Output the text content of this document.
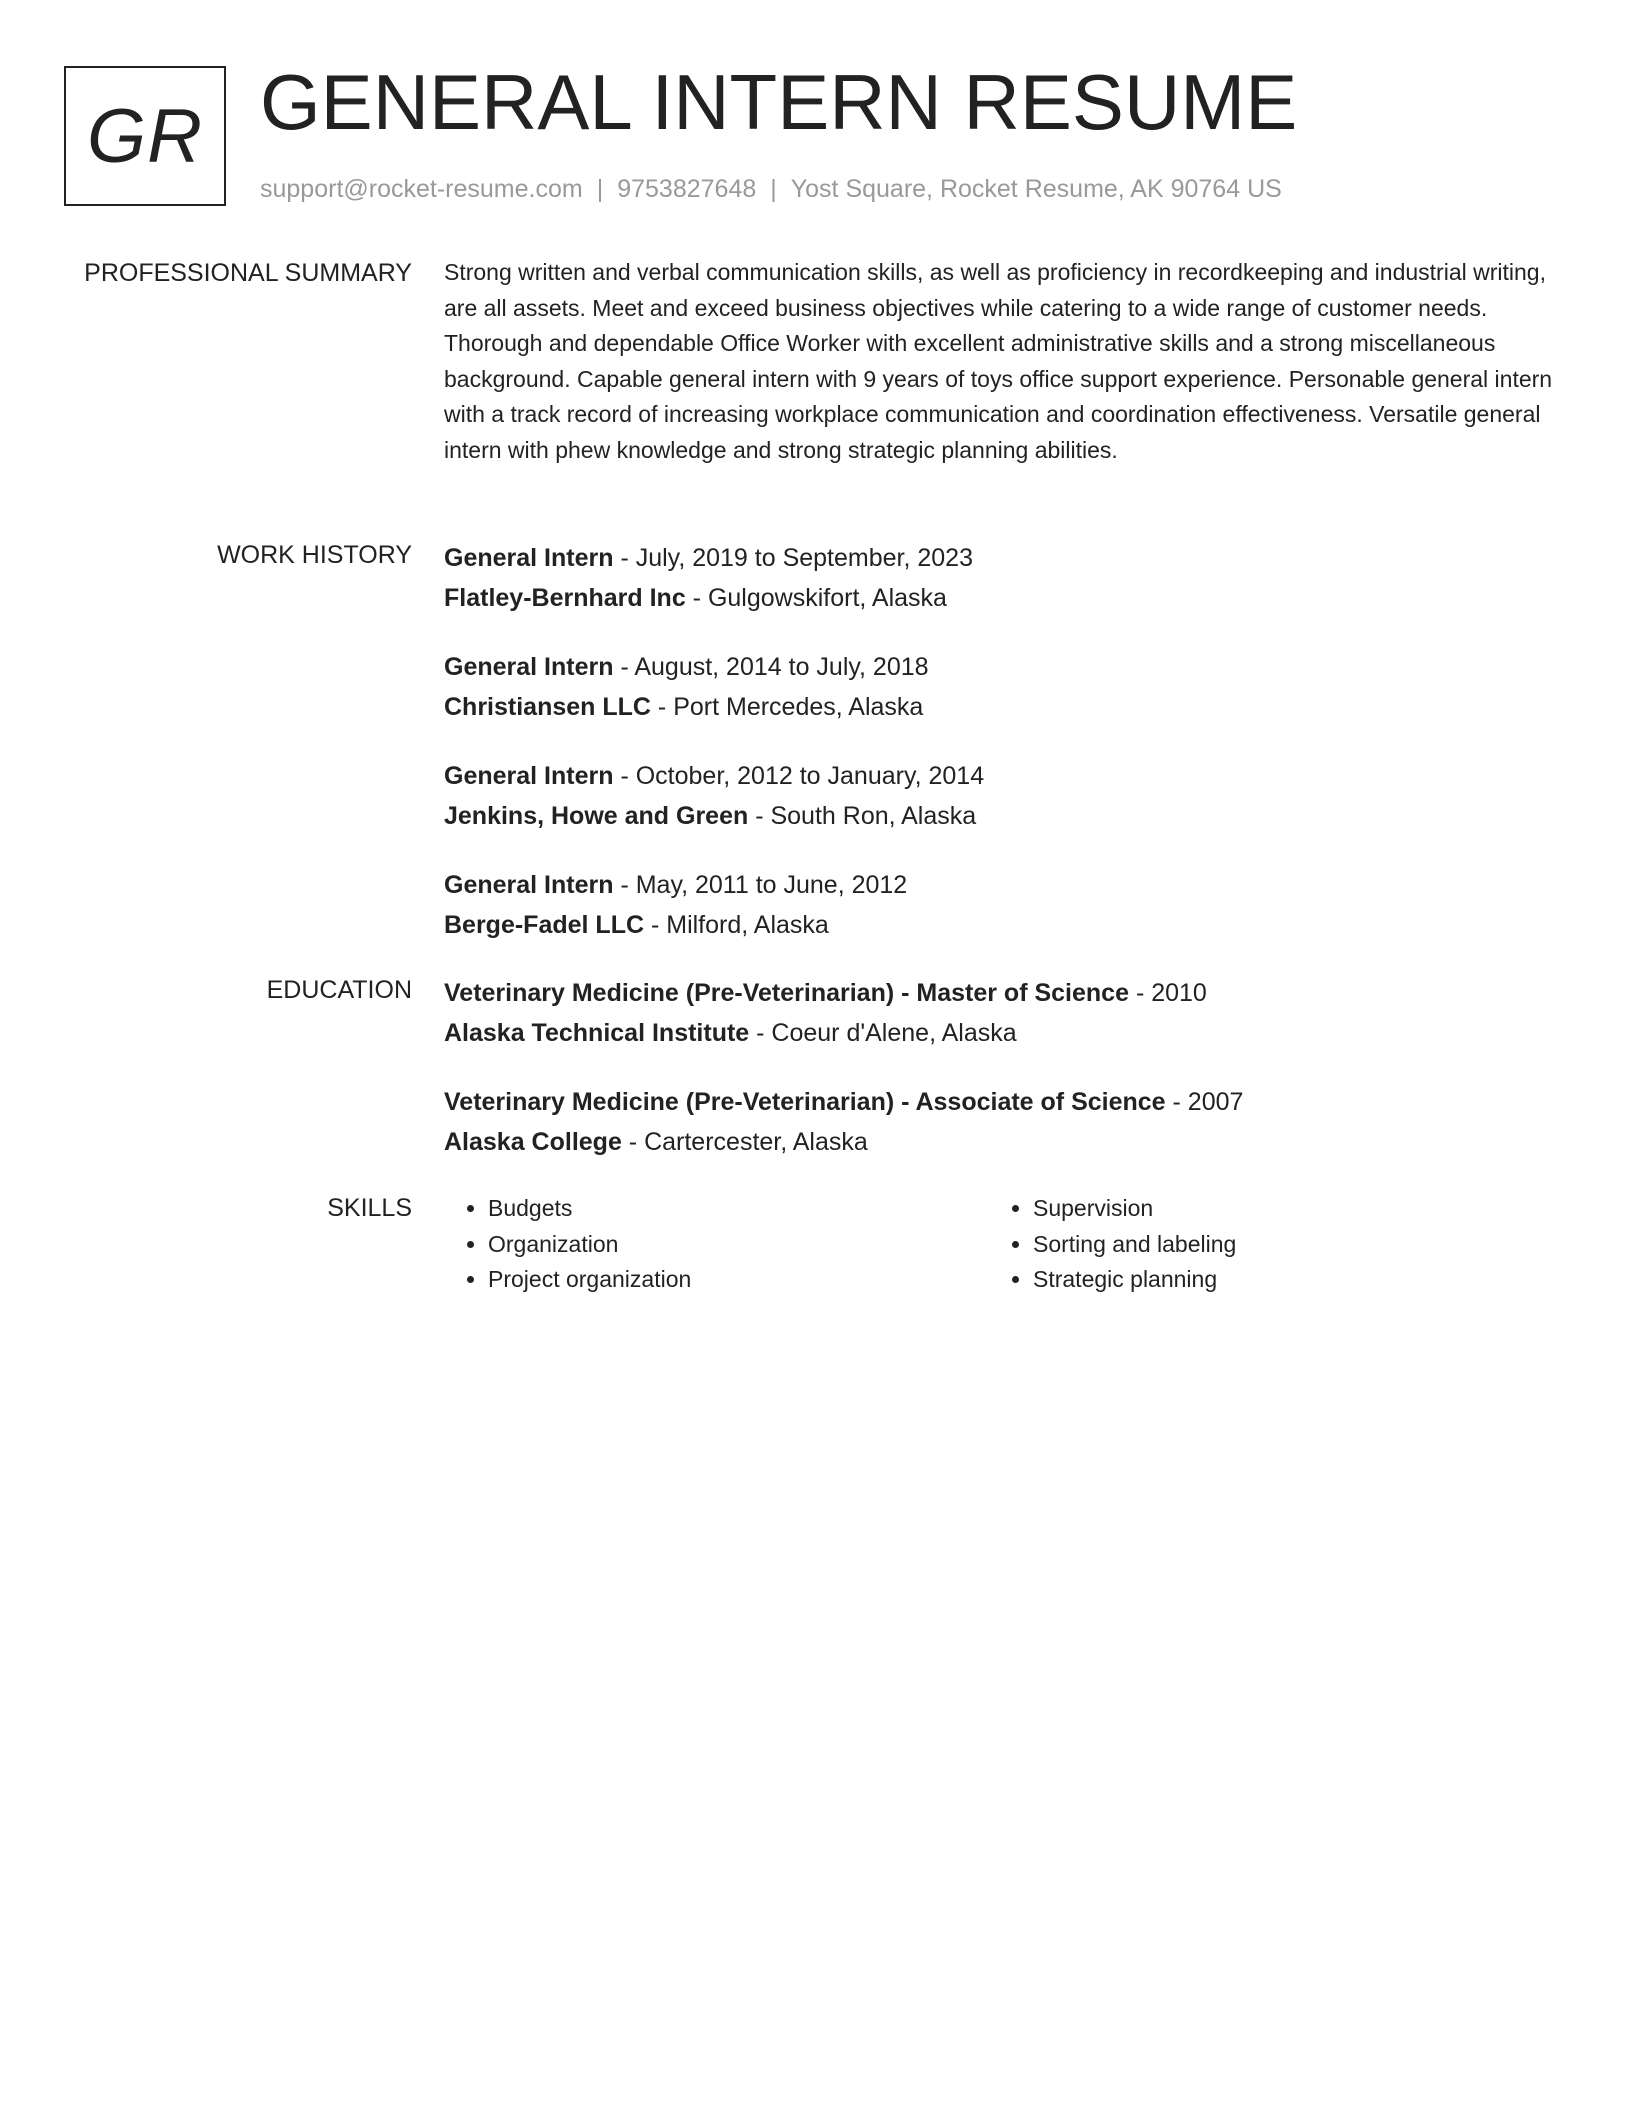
GR GENERAL INTERN RESUME
support@rocket-resume.com | 9753827648 | Yost Square, Rocket Resume, AK 90764 US
PROFESSIONAL SUMMARY Strong written and verbal communication skills, as well as proficiency in recordkeeping and industrial writing, are all assets. Meet and exceed business objectives while catering to a wide range of customer needs. Thorough and dependable Office Worker with excellent administrative skills and a strong miscellaneous background. Capable general intern with 9 years of toys office support experience. Personable general intern with a track record of increasing workplace communication and coordination effectiveness. Versatile general intern with phew knowledge and strong strategic planning abilities.

WORK HISTORY General Intern - July, 2019 to September, 2023

Flatley-Bernhard Inc - Gulgowskifort, Alaska

General Intern - August, 2014 to July, 2018

Christiansen LLC - Port Mercedes, Alaska

General Intern - October, 2012 to January, 2014

Jenkins, Howe and Green - South Ron, Alaska

General Intern - May, 2011 to June, 2012

Berge-Fadel LLC - Milford, Alaska

EDUCATION Veterinary Medicine (Pre-Veterinarian) - Master of Science - 2010

Alaska Technical Institute - Coeur d'Alene, Alaska

Veterinary Medicine (Pre-Veterinarian) - Associate of Science - 2007

Alaska College - Cartercester, Alaska

SKILLS
•	Budgets
• Organization
• Project organization
• Supervision
• Sorting and labeling
• Strategic planning
